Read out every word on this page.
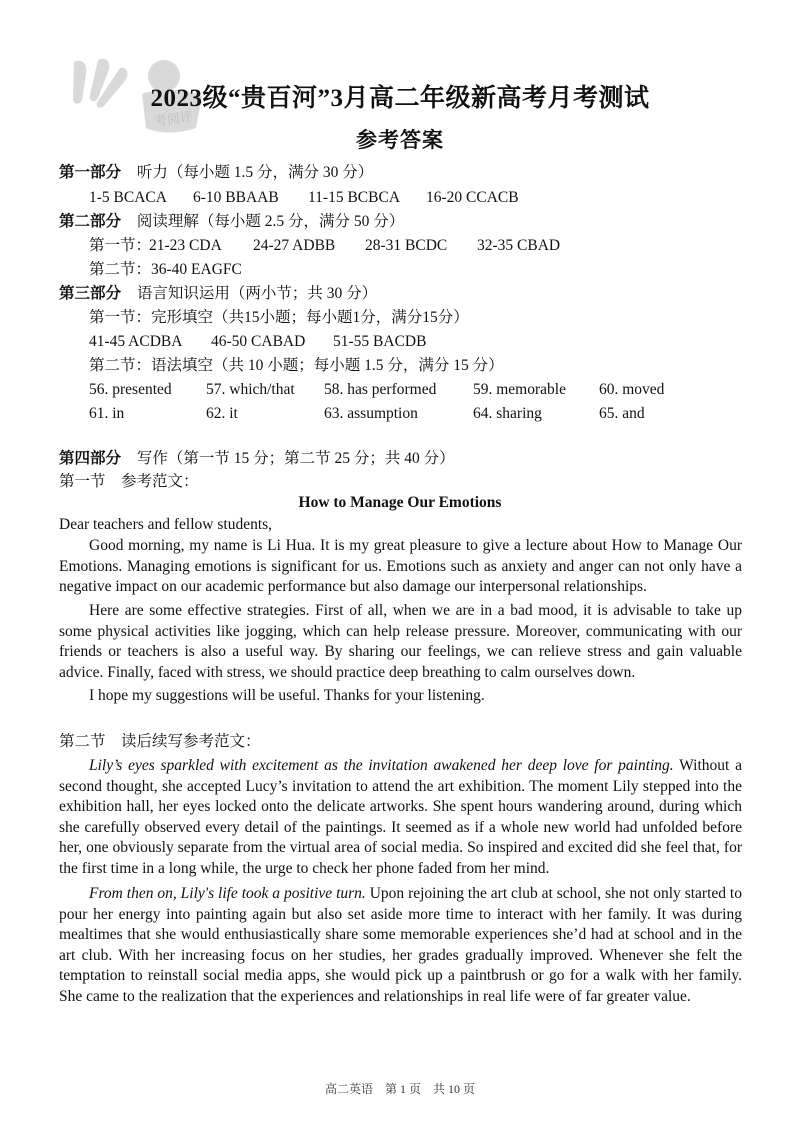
考阅评
2023级“贵百河”3月高二年级新高考月考测试
参考答案
第一部分 听力（每小题 1.5 分，满分 30 分）
1-5 BCACA 6-10 BBAAB 11-15 BCBCA 16-20 CCACB
第二部分 阅读理解（每小题 2.5 分，满分 50 分）
第一节：
21-23 CDA 24-27 ADBB 28-31 BCDC 32-35 CBAD
第二节：36-40 EAGFC
第三部分 语言知识运用（两小节；共 30 分）
第一节：完形填空（共15小题；每小题1分，满分15分）
41-45 ACDBA 46-50 CABAD 51-55 BACDB
第二节：语法填空（共 10 小题；每小题 1.5 分，满分 15 分）
56. presented 57. which/that 58. has performed 59. memorable 60. moved
61. in	62. it	63. assumption	64. sharing	65. and
第四部分 写作（第一节 15 分；第二节 25 分；共 40 分）
第一节　参考范文：
How to Manage Our Emotions
Dear teachers and fellow students,

Good morning, my name is Li Hua. It is my great pleasure to give a lecture about How to Manage Our Emotions. Managing emotions is significant for us. Emotions such as anxiety and anger can not only have a negative impact on our academic performance but also damage our interpersonal relationships.

Here are some effective strategies. First of all, when we are in a bad mood, it is advisable to take up some physical activities like jogging, which can help release pressure. Moreover, communicating with our friends or teachers is also a useful way. By sharing our feelings, we can relieve stress and gain valuable advice. Finally, faced with stress, we should practice deep breathing to calm ourselves down.

I hope my suggestions will be useful. Thanks for your listening.

第二节　读后续写参考范文：

Lily’s eyes sparkled with excitement as the invitation awakened her deep love for painting. Without a second thought, she accepted Lucy’s invitation to attend the art exhibition. The moment Lily stepped into the exhibition hall, her eyes locked onto the delicate artworks. She spent hours wandering around, during which she carefully observed every detail of the paintings. It seemed as if a whole new world had unfolded before her, one obviously separate from the virtual area of social media. So inspired and excited did she feel that, for the first time in a long while, the urge to check her phone faded from her mind.

From then on, Lily's life took a positive turn. Upon rejoining the art club at school, she not only started to pour her energy into painting again but also set aside more time to interact with her family. It was during mealtimes that she would enthusiastically share some memorable experiences she’d had at school and in the art club. With her increasing focus on her studies, her grades gradually improved. Whenever she felt the temptation to reinstall social media apps, she would pick up a paintbrush or go for a walk with her family. She came to the realization that the experiences and relationships in real life were of far greater value.

高二英语　第 1 页　共 10 页
